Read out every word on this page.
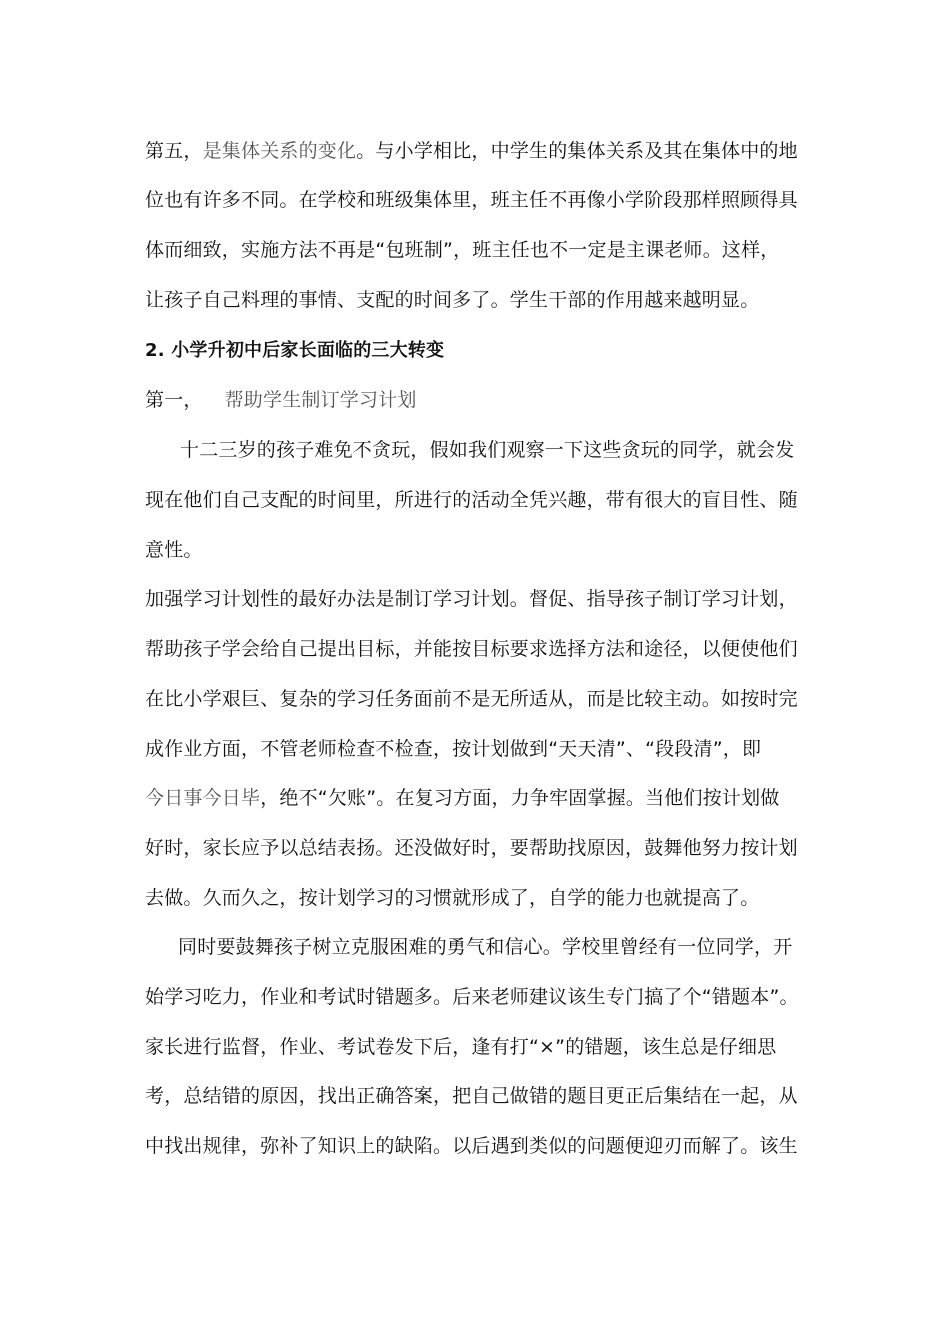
第五，是集体关系的变化。与小学相比，中学生的集体关系及其在集体中的地
位也有许多不同。在学校和班级集体里，班主任不再像小学阶段那样照顾得具
体而细致，实施方法不再是“包班制”，班主任也不一定是主课老师。这样，
让孩子自己料理的事情、支配的时间多了。学生干部的作用越来越明显。
2. 小学升初中后家长面临的三大转变
第一， 帮助学生制订学习计划
十二三岁的孩子难免不贪玩，假如我们观察一下这些贪玩的同学，就会发
现在他们自己支配的时间里，所进行的活动全凭兴趣，带有很大的盲目性、随
意性。
加强学习计划性的最好办法是制订学习计划。督促、指导孩子制订学习计划，
帮助孩子学会给自己提出目标，并能按目标要求选择方法和途径，以便使他们
在比小学艰巨、复杂的学习任务面前不是无所适从，而是比较主动。如按时完
成作业方面，不管老师检查不检查，按计划做到“天天清”、“段段清”，即
今日事今日毕，绝不“欠账”。在复习方面，力争牢固掌握。当他们按计划做
好时，家长应予以总结表扬。还没做好时，要帮助找原因，鼓舞他努力按计划
去做。久而久之，按计划学习的习惯就形成了，自学的能力也就提高了。
同时要鼓舞孩子树立克服困难的勇气和信心。学校里曾经有一位同学，开
始学习吃力，作业和考试时错题多。后来老师建议该生专门搞了个“错题本”。
家长进行监督，作业、考试卷发下后，逢有打“×”的错题，该生总是仔细思
考，总结错的原因，找出正确答案，把自己做错的题目更正后集结在一起，从
中找出规律，弥补了知识上的缺陷。以后遇到类似的问题便迎刃而解了。该生
